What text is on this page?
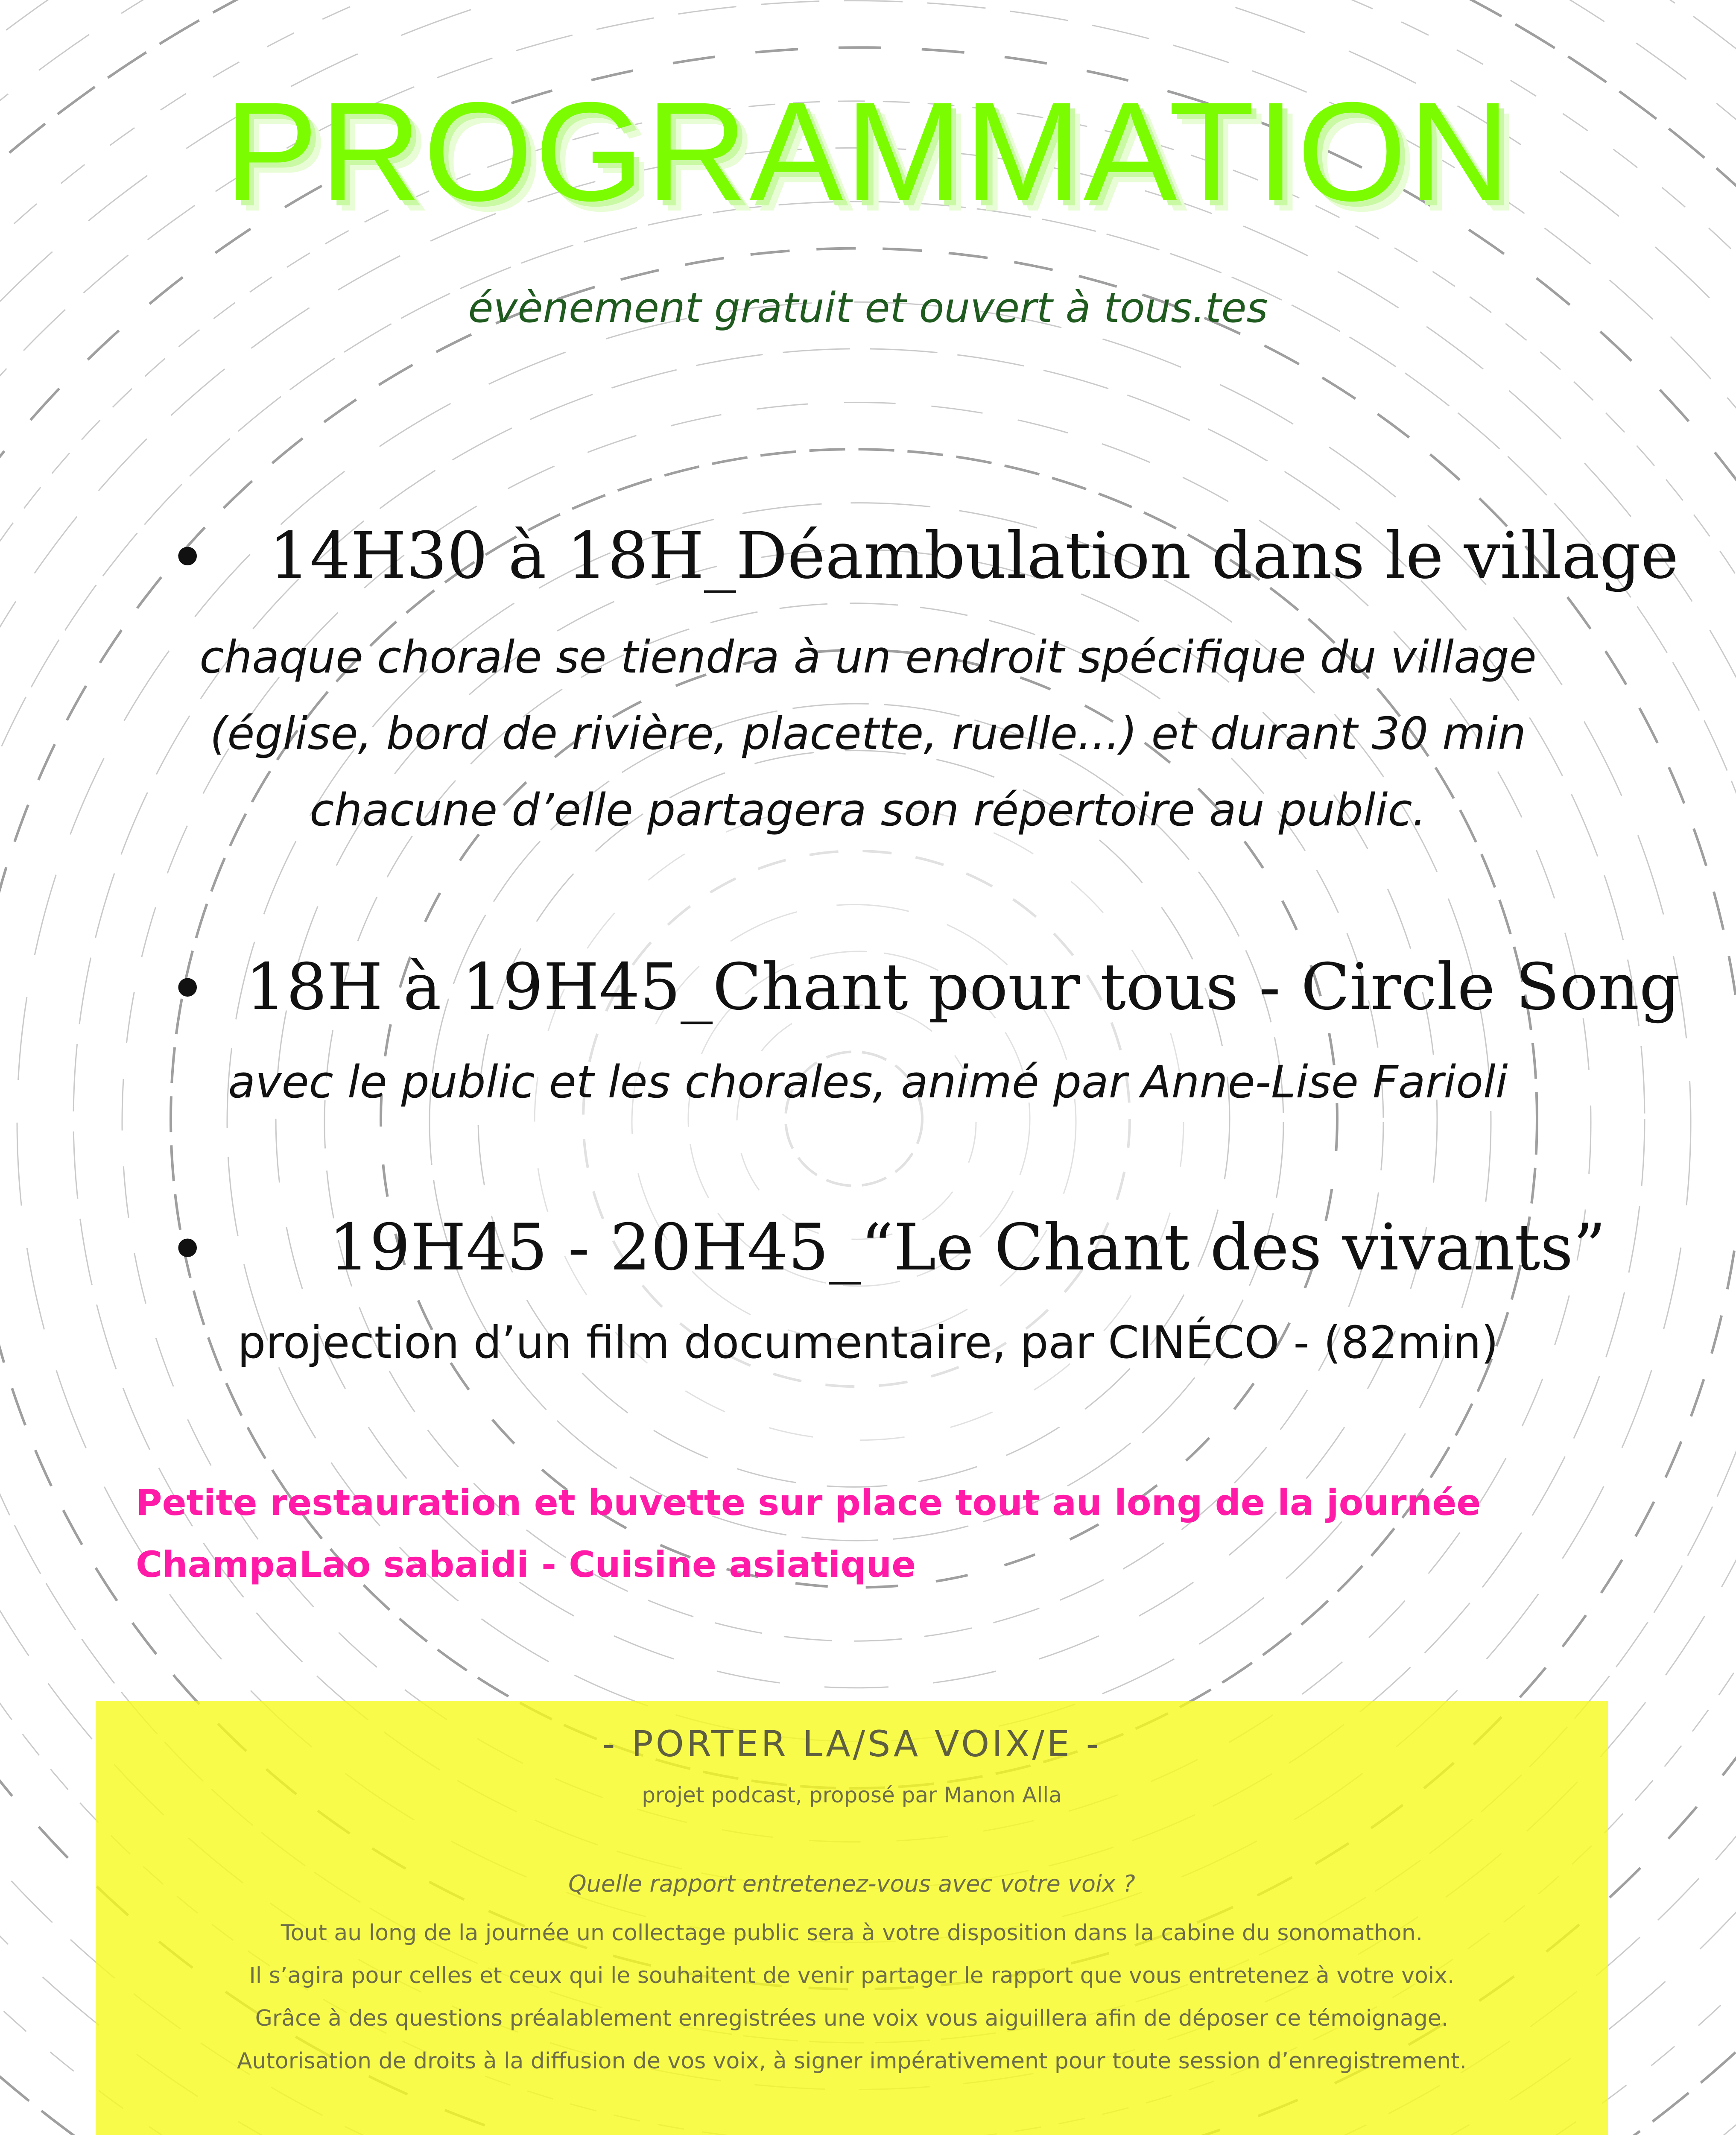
PROGRAMMATION
évènement gratuit et ouvert à tous.tes
• 14H30 à 18H_Déambulation dans le village
chaque chorale se tiendra à un endroit spécifique du village
(église, bord de rivière, placette, ruelle...) et durant 30 min
chacune d’elle partagera son répertoire au public.
• 18H à 19H45_Chant pour tous - Circle Song
avec le public et les chorales, animé par Anne-Lise Farioli
• 19H45 - 20H45_“Le Chant des vivants”
projection d’un film documentaire, par CINÉCO - (82min)
Petite restauration et buvette sur place tout au long de la journée
ChampaLao sabaidi - Cuisine asiatique
- PORTER LA/SA VOIX/E -
projet podcast, proposé par Manon Alla
Quelle rapport entretenez-vous avec votre voix ?
Tout au long de la journée un collectage public sera à votre disposition dans la cabine du sonomathon.
Il s’agira pour celles et ceux qui le souhaitent de venir partager le rapport que vous entretenez à votre voix.
Grâce à des questions préalablement enregistrées une voix vous aiguillera afin de déposer ce témoignage.
Autorisation de droits à la diffusion de vos voix, à signer impérativement pour toute session d’enregistrement.
